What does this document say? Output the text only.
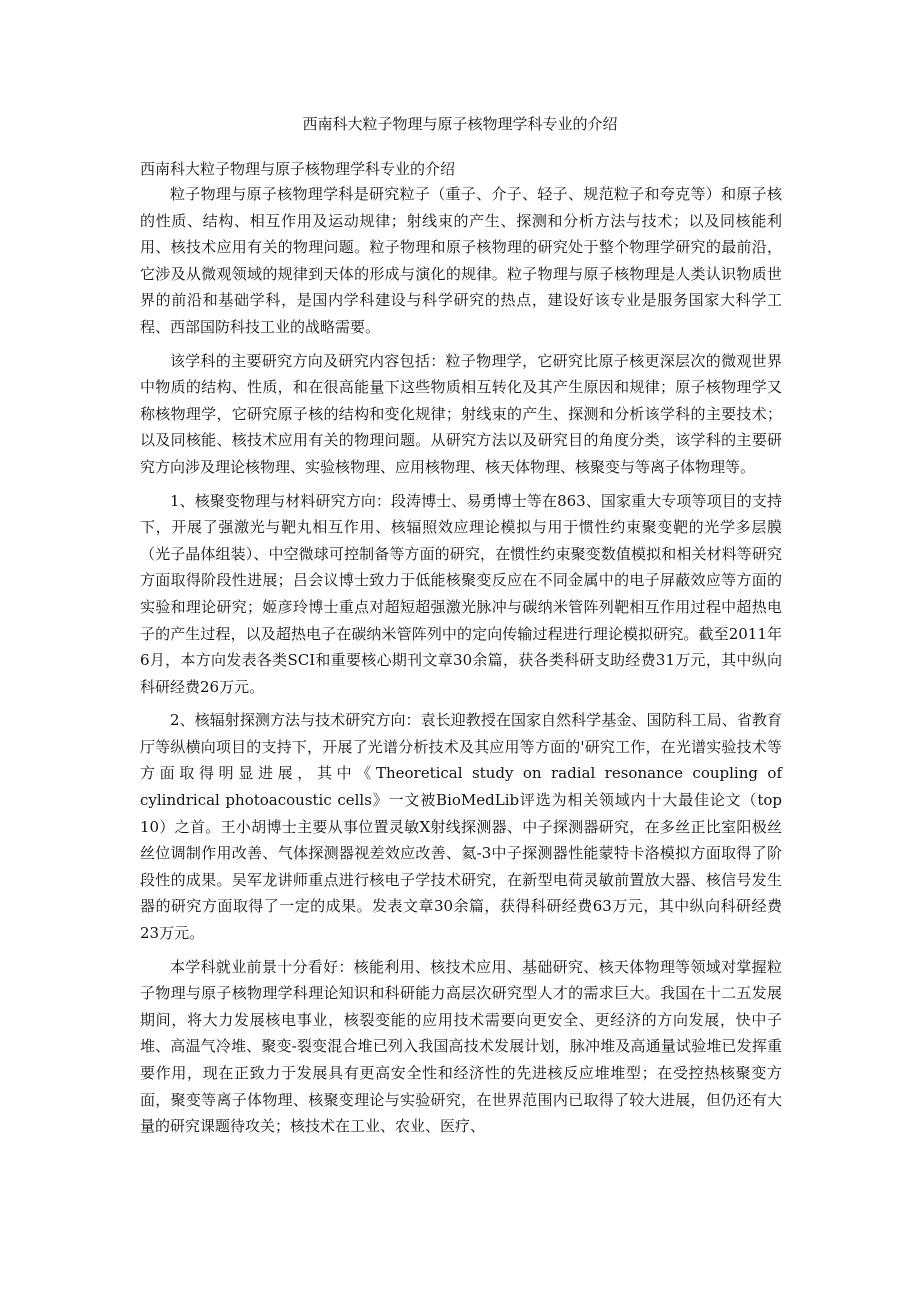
西南科大粒子物理与原子核物理学科专业的介绍

西南科大粒子物理与原子核物理学科专业的介绍

粒子物理与原子核物理学科是研究粒子（重子、介子、轻子、规范粒子和夸克等）和原子核的性质、结构、相互作用及运动规律；射线束的产生、探测和分析方法与技术；以及同核能利用、核技术应用有关的物理问题。粒子物理和原子核物理的研究处于整个物理学研究的最前沿，它涉及从微观领域的规律到天体的形成与演化的规律。粒子物理与原子核物理是人类认识物质世界的前沿和基础学科，是国内学科建设与科学研究的热点，建设好该专业是服务国家大科学工程、西部国防科技工业的战略需要。

该学科的主要研究方向及研究内容包括：粒子物理学，它研究比原子核更深层次的微观世界中物质的结构、性质，和在很高能量下这些物质相互转化及其产生原因和规律；原子核物理学又称核物理学，它研究原子核的结构和变化规律；射线束的产生、探测和分析该学科的主要技术；以及同核能、核技术应用有关的物理问题。从研究方法以及研究目的角度分类，该学科的主要研究方向涉及理论核物理、实验核物理、应用核物理、核天体物理、核聚变与等离子体物理等。

1、核聚变物理与材料研究方向：段涛博士、易勇博士等在863、国家重大专项等项目的支持下，开展了强激光与靶丸相互作用、核辐照效应理论模拟与用于惯性约束聚变靶的光学多层膜（光子晶体组装）、中空微球可控制备等方面的研究，在惯性约束聚变数值模拟和相关材料等研究方面取得阶段性进展；吕会议博士致力于低能核聚变反应在不同金属中的电子屏蔽效应等方面的实验和理论研究；姬彦玲博士重点对超短超强激光脉冲与碳纳米管阵列靶相互作用过程中超热电子的产生过程，以及超热电子在碳纳米管阵列中的定向传输过程进行理论模拟研究。截至2011年6月，本方向发表各类SCI和重要核心期刊文章30余篇，获各类科研支助经费31万元，其中纵向科研经费26万元。

2、核辐射探测方法与技术研究方向：袁长迎教授在国家自然科学基金、国防科工局、省教育厅等纵横向项目的支持下，开展了光谱分析技术及其应用等方面的'研究工作，在光谱实验技术等方面取得明显进展，其中《Theoretical study on radial resonance coupling of cylindrical photoacoustic cells》一文被BioMedLib评选为相关领域内十大最佳论文（top 10）之首。王小胡博士主要从事位置灵敏X射线探测器、中子探测器研究，在多丝正比室阳极丝丝位调制作用改善、气体探测器视差效应改善、氦-3中子探测器性能蒙特卡洛模拟方面取得了阶段性的成果。吴军龙讲师重点进行核电子学技术研究，在新型电荷灵敏前置放大器、核信号发生器的研究方面取得了一定的成果。发表文章30余篇，获得科研经费63万元，其中纵向科研经费23万元。

本学科就业前景十分看好：核能利用、核技术应用、基础研究、核天体物理等领域对掌握粒子物理与原子核物理学科理论知识和科研能力高层次研究型人才的需求巨大。我国在十二五发展期间，将大力发展核电事业，核裂变能的应用技术需要向更安全、更经济的方向发展，快中子堆、高温气冷堆、聚变-裂变混合堆已列入我国高技术发展计划，脉冲堆及高通量试验堆已发挥重要作用，现在正致力于发展具有更高安全性和经济性的先进核反应堆堆型；在受控热核聚变方面，聚变等离子体物理、核聚变理论与实验研究，在世界范围内已取得了较大进展，但仍还有大量的研究课题待攻关；核技术在工业、农业、医疗、
